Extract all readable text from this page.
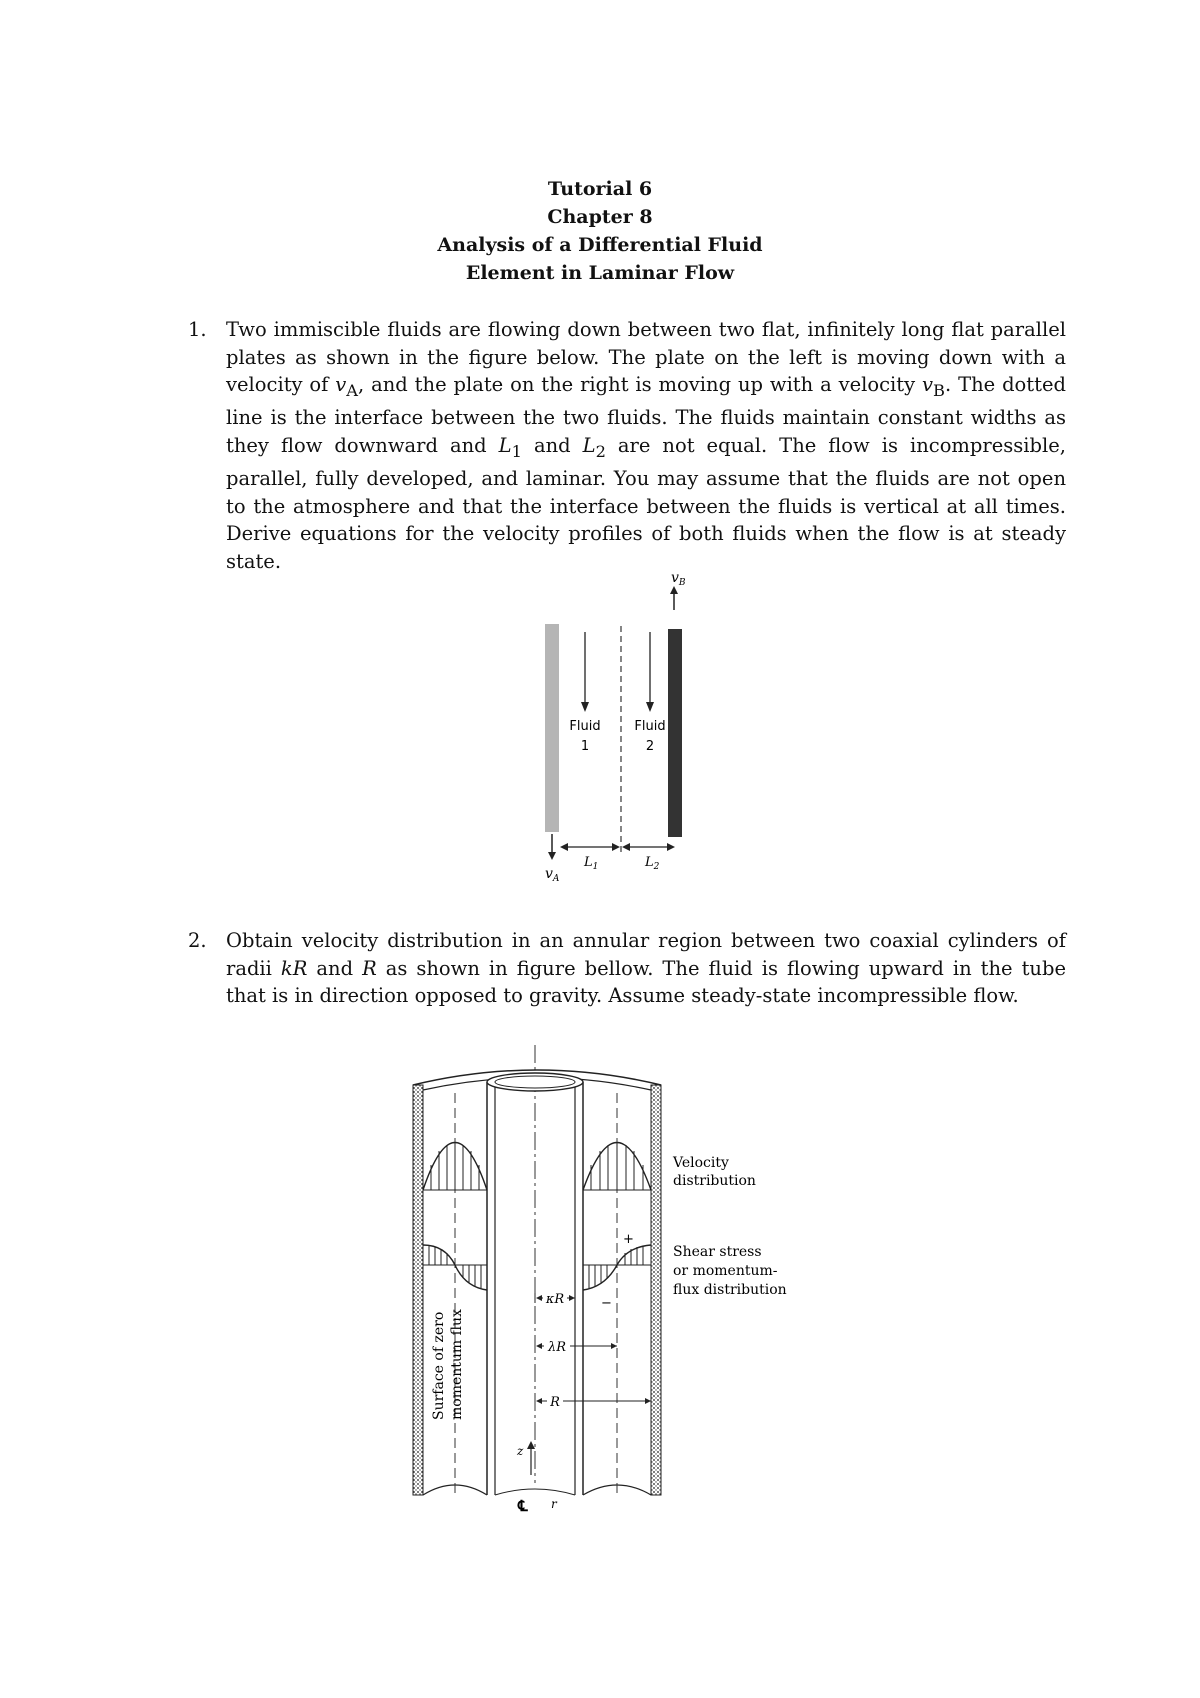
Tutorial 6
Chapter 8
Analysis of a Differential Fluid
Element in Laminar Flow
1. Two immiscible fluids are flowing down between two flat, infinitely long flat parallel plates as shown in the figure below. The plate on the left is moving down with a velocity of $v_A$, and the plate on the right is moving up with a velocity $v_B$. The dotted line is the interface between the two fluids. The fluids maintain constant widths as they flow downward and $L_1$ and $L_2$ are not equal. The flow is incompressible, parallel, fully developed, and laminar. You may assume that the fluids are not open to the atmosphere and that the interface between the fluids is vertical at all times. Derive equations for the velocity profiles of both fluids when the flow is at steady state.
$v_B$
Fluid
1
Fluid
2
$v_A$
$L_1$	$L_2$
2. Obtain velocity distribution in an annular region between two coaxial cylinders of radii kR and R as shown in figure bellow. The fluid is flowing upward in the tube that is in direction opposed to gravity. Assume steady-state incompressible flow.
+
−
κR
λR
R
z
℄ r
Surface of zero momentum flux
Velocity
distribution
Shear stress
or momentum-
flux distribution
